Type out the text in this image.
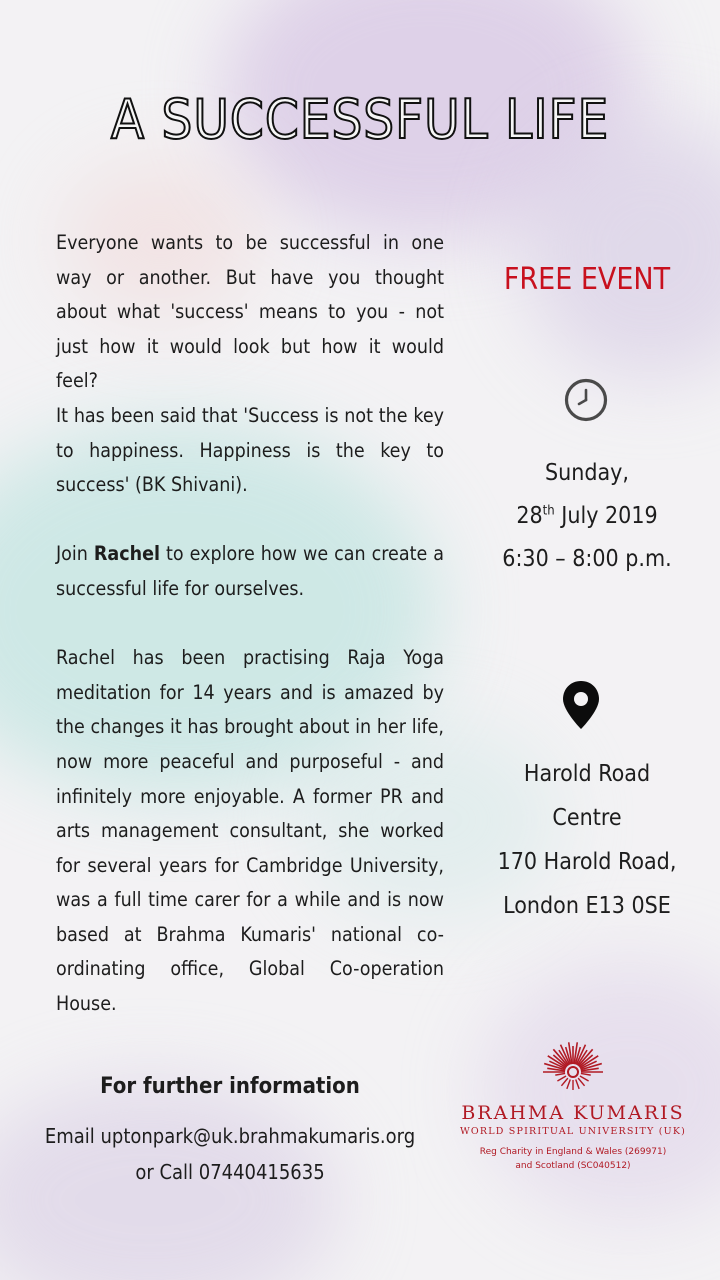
A SUCCESSFUL LIFE

Everyone wants to be successful in one way or another. But have you thought about what 'success' means to you - not just how it would look but how it would feel?

It has been said that 'Success is not the key to happiness. Happiness is the key to success' (BK Shivani).

Join Rachel to explore how we can create a successful life for ourselves.

Rachel has been practising Raja Yoga meditation for 14 years and is amazed by the changes it has brought about in her life, now more peaceful and purposeful - and infinitely more enjoyable. A former PR and arts management consultant, she worked for several years for Cambridge University, was a full time carer for a while and is now based at Brahma Kumaris' national co-ordinating office, Global Co-operation House.

FREE EVENT
Sunday,
28th July 2019
6:30 – 8:00 p.m.
Harold Road
Centre
170 Harold Road,
London E13 0SE
For further information
Email uptonpark@uk.brahmakumaris.org
or Call 07440415635
BRAHMA KUMARIS
WORLD SPIRITUAL UNIVERSITY (UK)
Reg Charity in England & Wales (269971)
and Scotland (SC040512)
